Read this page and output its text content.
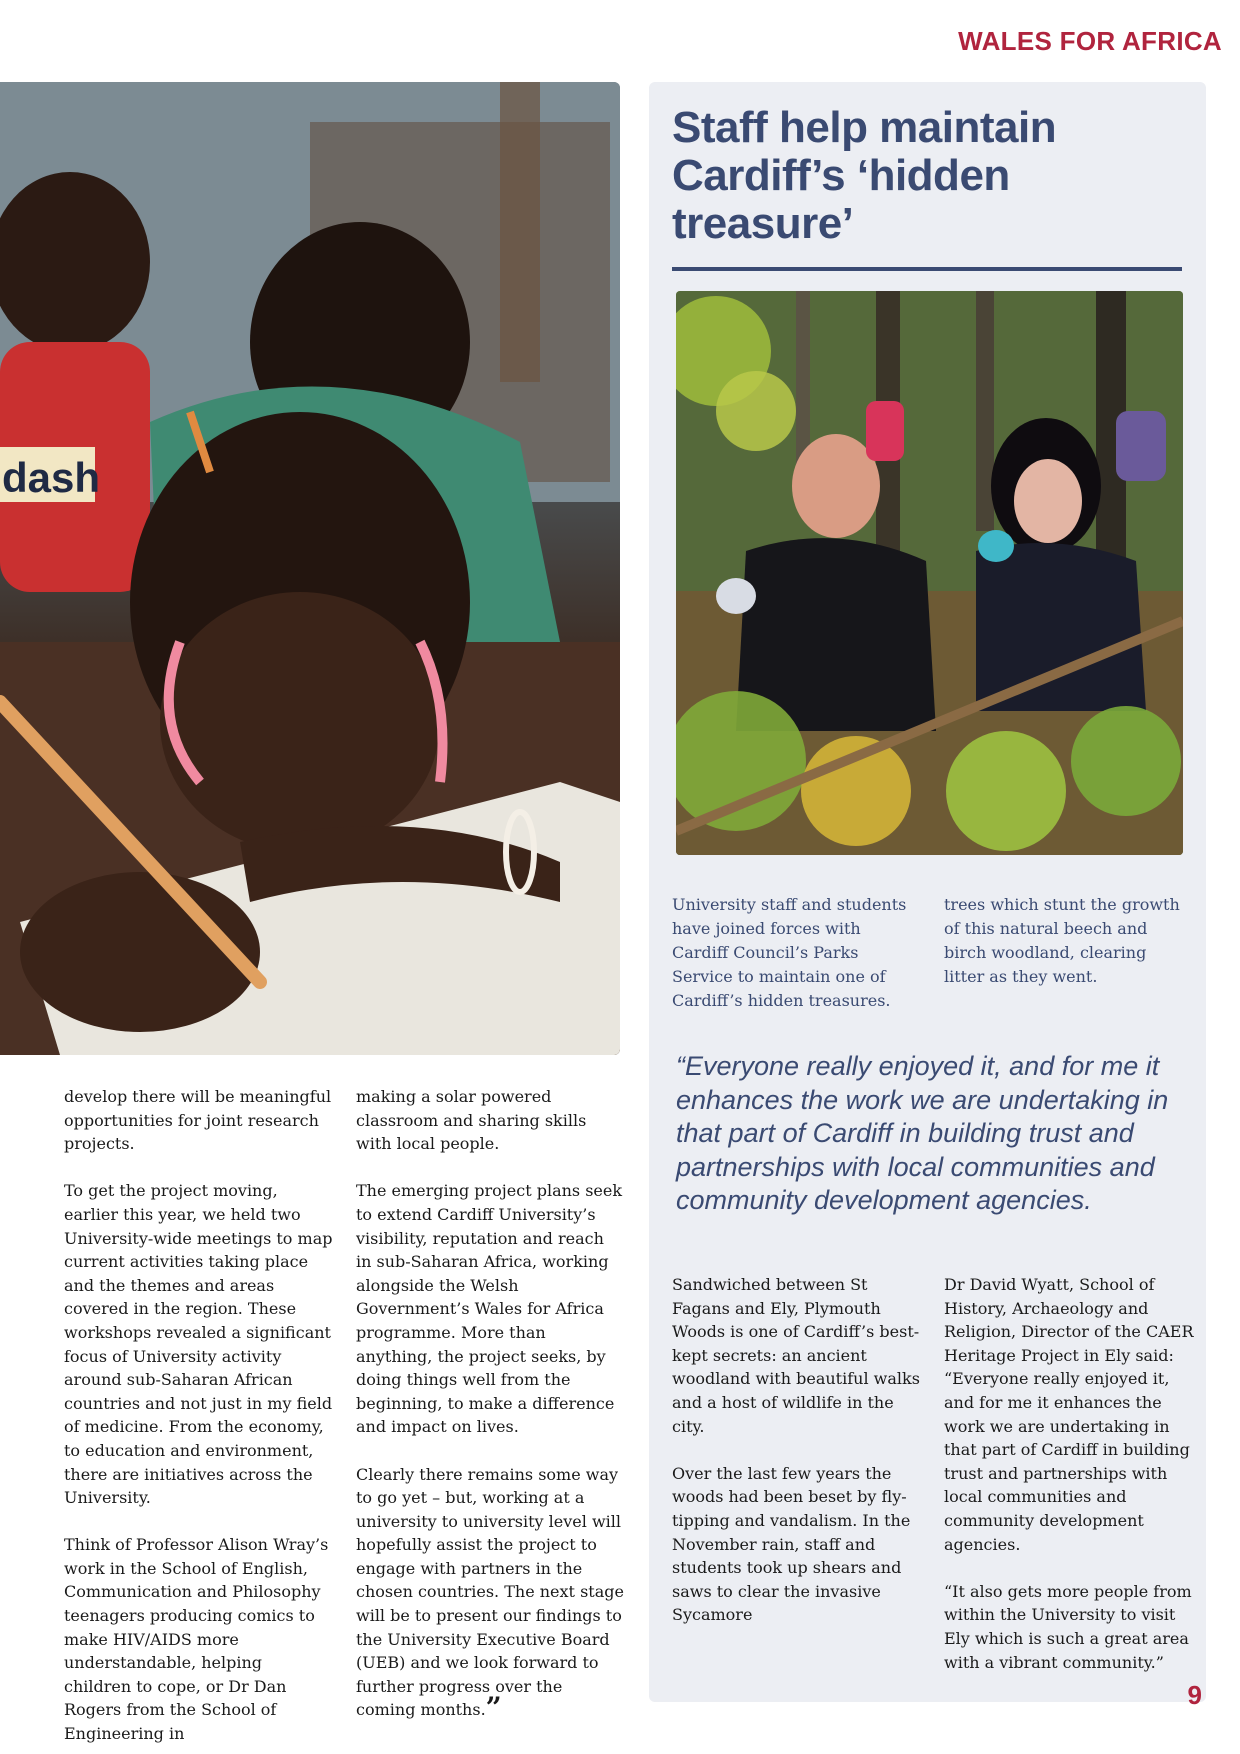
WALES FOR AFRICA
dash
Staff help maintain Cardiff’s ‘hidden treasure’

University staff and students have joined forces with Cardiff Council’s Parks Service to maintain one of Cardiff’s hidden treasures.

trees which stunt the growth of this natural beech and birch woodland, clearing litter as they went.

“Everyone really enjoyed it, and for me it enhances the work we are undertaking in that part of Cardiff in building trust and partnerships with local communities and community development agencies.

Sandwiched between St Fagans and Ely, Plymouth Woods is one of Cardiff’s best-kept secrets: an ancient woodland with beautiful walks and a host of wildlife in the city.

Over the last few years the woods had been beset by fly-tipping and vandalism. In the November rain, staff and students took up shears and saws to clear the invasive Sycamore

Dr David Wyatt, School of History, Archaeology and Religion, Director of the CAER Heritage Project in Ely said: “Everyone really enjoyed it, and for me it enhances the work we are undertaking in that part of Cardiff in building trust and partnerships with local communities and community development agencies.

“It also gets more people from within the University to visit Ely which is such a great area with a vibrant community.”

develop there will be meaningful opportunities for joint research projects.

To get the project moving, earlier this year, we held two University-wide meetings to map current activities taking place and the themes and areas covered in the region. These workshops revealed a significant focus of University activity around sub-Saharan African countries and not just in my field of medicine. From the economy, to education and environment, there are initiatives across the University.

Think of Professor Alison Wray’s work in the School of English, Communication and Philosophy teenagers producing comics to make HIV/AIDS more understandable, helping children to cope, or Dr Dan Rogers from the School of Engineering in

making a solar powered classroom and sharing skills with local people.

The emerging project plans seek to extend Cardiff University’s visibility, reputation and reach in sub-Saharan Africa, working alongside the Welsh Government’s Wales for Africa programme. More than anything, the project seeks, by doing things well from the beginning, to make a difference and impact on lives.

Clearly there remains some way to go yet – but, working at a university to university level will hopefully assist the project to engage with partners in the chosen countries. The next stage will be to present our findings to the University Executive Board (UEB) and we look forward to further progress over the coming months.”	9
